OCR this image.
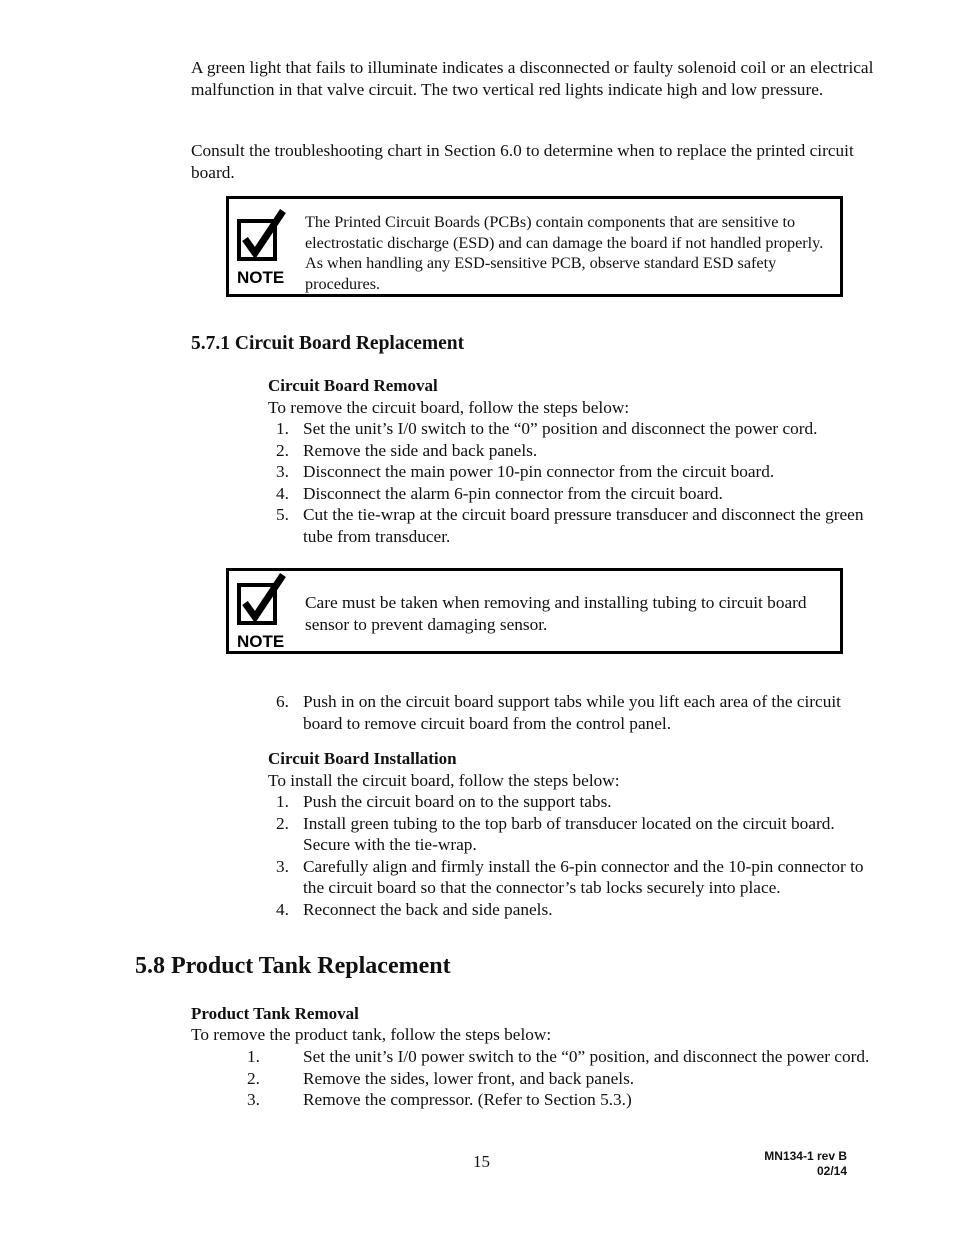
A green light that fails to illuminate indicates a disconnected or faulty solenoid coil or an electrical malfunction in that valve circuit. The two vertical red lights indicate high and low pressure.

Consult the troubleshooting chart in Section 6.0 to determine when to replace the printed circuit board.

NOTE

The Printed Circuit Boards (PCBs) contain components that are sensitive to electrostatic discharge (ESD) and can damage the board if not handled properly. As when handling any ESD-sensitive PCB, observe standard ESD safety procedures.

5.7.1 Circuit Board Replacement
Circuit Board Removal

To remove the circuit board, follow the steps below:

1. Set the unit’s I/0 switch to the “0” position and disconnect the power cord.
2. Remove the side and back panels.
3. Disconnect the main power 10-pin connector from the circuit board.
4. Disconnect the alarm 6-pin connector from the circuit board.
5. Cut the tie-wrap at the circuit board pressure transducer and disconnect the green tube from transducer.
NOTE

Care must be taken when removing and installing tubing to circuit board sensor to prevent damaging sensor.

6. Push in on the circuit board support tabs while you lift each area of the circuit board to remove circuit board from the control panel.
Circuit Board Installation

To install the circuit board, follow the steps below:

1. Push the circuit board on to the support tabs.
2. Install green tubing to the top barb of transducer located on the circuit board. Secure with the tie-wrap.
3. Carefully align and firmly install the 6-pin connector and the 10-pin connector to the circuit board so that the connector’s tab locks securely into place.
4. Reconnect the back and side panels.
5.8 Product Tank Replacement
Product Tank Removal

To remove the product tank, follow the steps below:

1. Set the unit’s I/0 power switch to the “0” position, and disconnect the power cord.
2. Remove the sides, lower front, and back panels.
3. Remove the compressor. (Refer to Section 5.3.)
15	MN134-1 rev B
02/14
